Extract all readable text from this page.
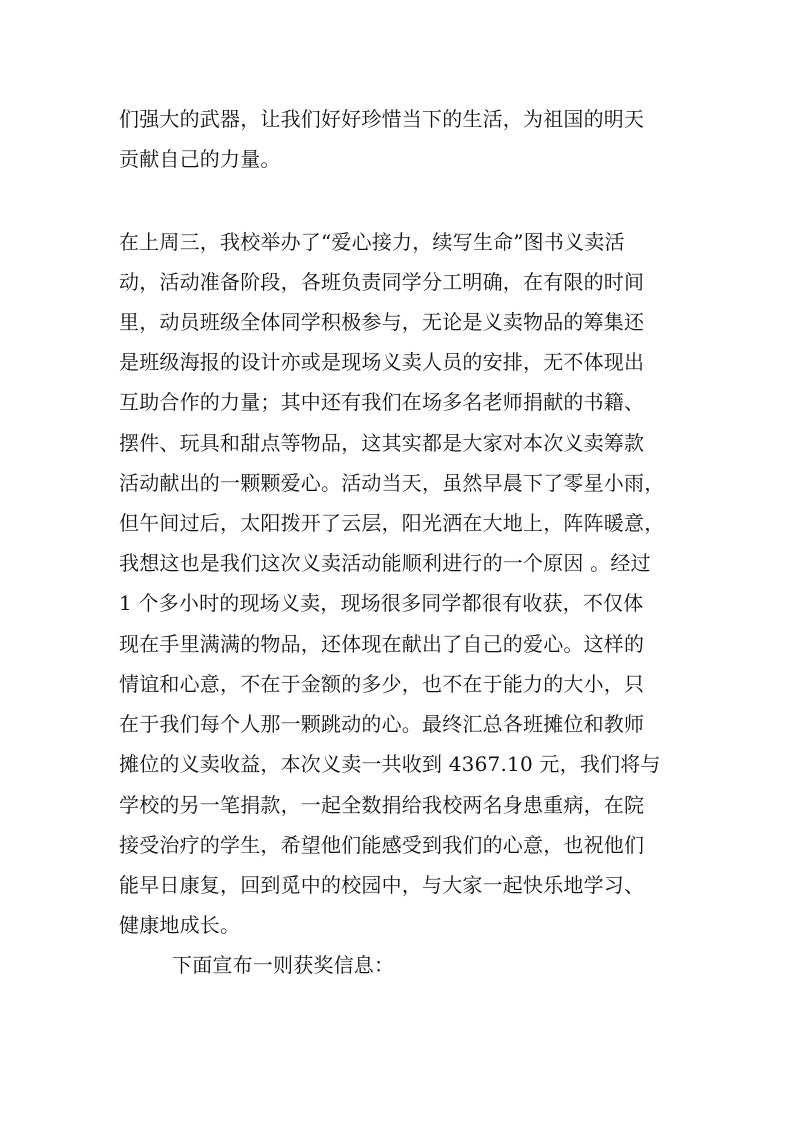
们强大的武器，让我们好好珍惜当下的生活，为祖国的明天
贡献自己的力量。
在上周三，我校举办了“爱心接力，续写生命”图书义卖活
动，活动准备阶段，各班负责同学分工明确，在有限的时间
里，动员班级全体同学积极参与，无论是义卖物品的筹集还
是班级海报的设计亦或是现场义卖人员的安排，无不体现出
互助合作的力量；其中还有我们在场多名老师捐献的书籍、
摆件、玩具和甜点等物品，这其实都是大家对本次义卖筹款
活动献出的一颗颗爱心。活动当天，虽然早晨下了零星小雨，
但午间过后，太阳拨开了云层，阳光洒在大地上，阵阵暖意，
我想这也是我们这次义卖活动能顺利进行的一个原因 。经过
1 个多小时的现场义卖，现场很多同学都很有收获，不仅体
现在手里满满的物品，还体现在献出了自己的爱心。这样的
情谊和心意，不在于金额的多少，也不在于能力的大小，只
在于我们每个人那一颗跳动的心。最终汇总各班摊位和教师
摊位的义卖收益，本次义卖一共收到 4367.10 元，我们将与
学校的另一笔捐款，一起全数捐给我校两名身患重病，在院
接受治疗的学生，希望他们能感受到我们的心意，也祝他们
能早日康复，回到觅中的校园中，与大家一起快乐地学习、
健康地成长。
下面宣布一则获奖信息：
